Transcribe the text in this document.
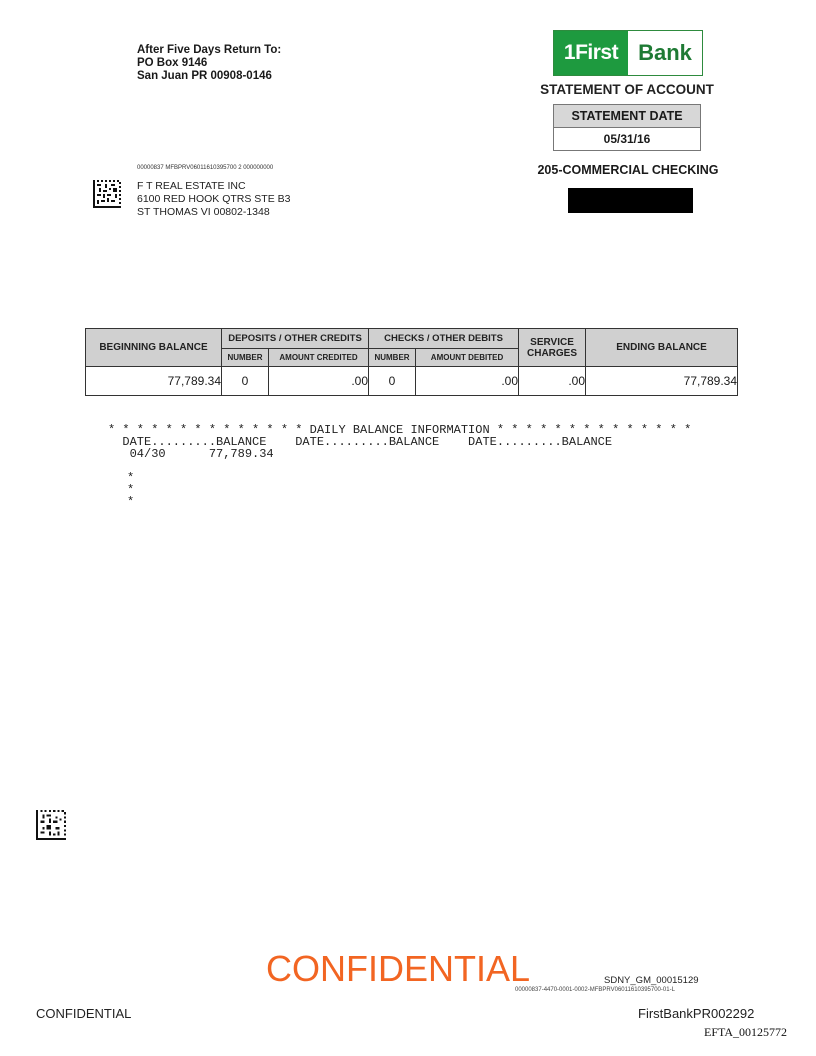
After Five Days Return To:
PO Box 9146
San Juan PR 00908-0146
1First Bank
STATEMENT OF ACCOUNT
STATEMENT DATE
05/31/16
205-COMMERCIAL CHECKING
00000837 MFBPRV06011610395700 2 000000000
F T REAL ESTATE INC
6100 RED HOOK QTRS STE B3
ST THOMAS VI 00802-1348
BEGINNING BALANCE	DEPOSITS / OTHER CREDITS		CHECKS / OTHER DEBITS		SERVICE CHARGES	ENDING BALANCE
	NUMBER	AMOUNT CREDITED	NUMBER	AMOUNT DEBITED		
77,789.34	0	.00	0	.00	.00	77,789.34
* * * * * * * * * * * * * * DAILY BALANCE INFORMATION * * * * * * * * * * * * * *
DATE.........BALANCE    DATE.........BALANCE    DATE.........BALANCE
04/30      77,789.34
*
*
*
CONFIDENTIAL	SDNY_GM_00015129
00000837-4470-0001-0002-MFBPRV06011610395700-01-L
CONFIDENTIAL	FirstBankPR002292
EFTA_00125772
